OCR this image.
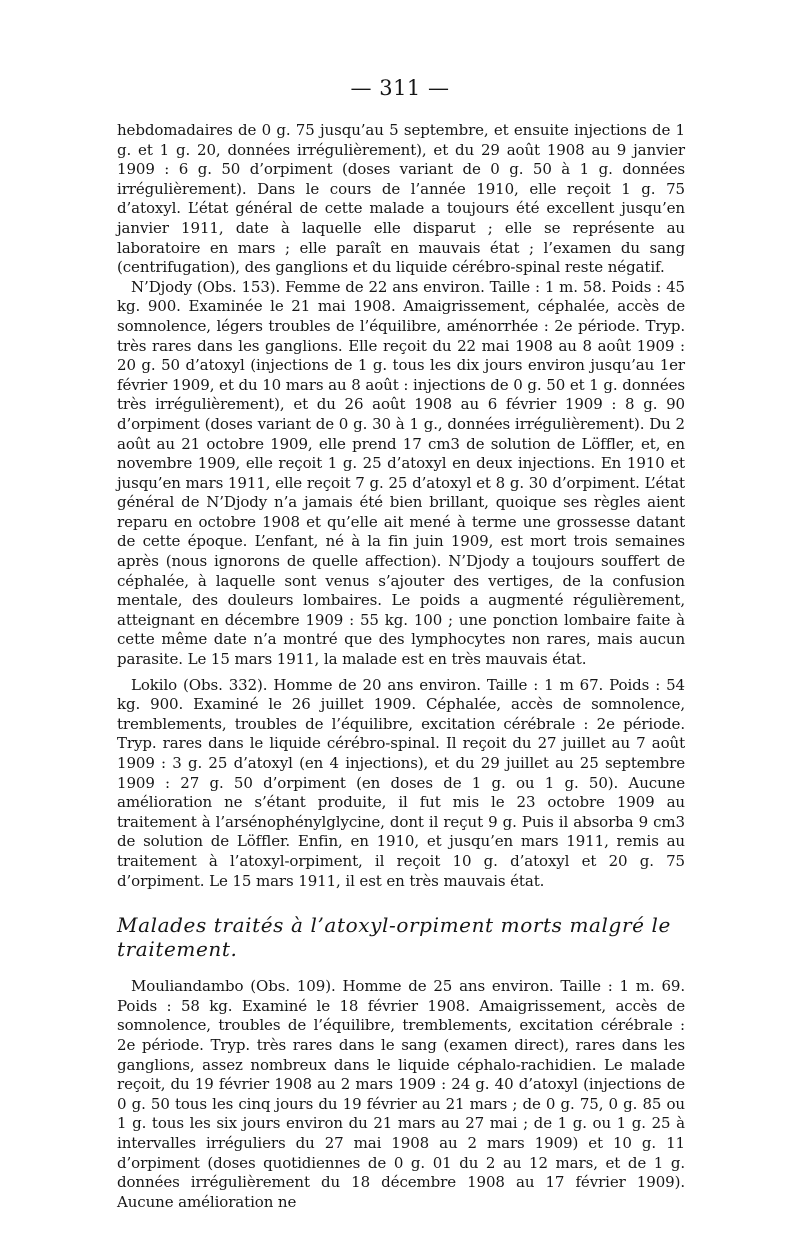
— 311 —

hebdomadaires de 0 g. 75 jusqu’au 5 septembre, et ensuite injections de 1 g. et 1 g. 20, données irrégulièrement), et du 29 août 1908 au 9 janvier 1909 : 6 g. 50 d’orpiment (doses variant de 0 g. 50 à 1 g. données irrégulièrement). Dans le cours de l’année 1910, elle reçoit 1 g. 75 d’atoxyl. L’état général de cette malade a toujours été excellent jusqu’en janvier 1911, date à laquelle elle disparut ; elle se représente au laboratoire en mars ; elle paraît en mauvais état ; l’examen du sang (centrifugation), des ganglions et du liquide cérébro-spinal reste négatif.

N’Djody (Obs. 153). Femme de 22 ans environ. Taille : 1 m. 58. Poids : 45 kg. 900. Examinée le 21 mai 1908. Amaigrissement, céphalée, accès de somnolence, légers troubles de l’équilibre, aménorrhée : 2e période. Tryp. très rares dans les ganglions. Elle reçoit du 22 mai 1908 au 8 août 1909 : 20 g. 50 d’atoxyl (injections de 1 g. tous les dix jours environ jusqu’au 1er février 1909, et du 10 mars au 8 août : injections de 0 g. 50 et 1 g. données très irrégulièrement), et du 26 août 1908 au 6 février 1909 : 8 g. 90 d’orpiment (doses variant de 0 g. 30 à 1 g., données irrégulièrement). Du 2 août au 21 octobre 1909, elle prend 17 cm3 de solution de Löffler, et, en novembre 1909, elle reçoit 1 g. 25 d’atoxyl en deux injections. En 1910 et jusqu’en mars 1911, elle reçoit 7 g. 25 d’atoxyl et 8 g. 30 d’orpiment. L’état général de N’Djody n’a jamais été bien brillant, quoique ses règles aient reparu en octobre 1908 et qu’elle ait mené à terme une grossesse datant de cette époque. L’enfant, né à la fin juin 1909, est mort trois semaines après (nous ignorons de quelle affection). N’Djody a toujours souffert de céphalée, à laquelle sont venus s’ajouter des vertiges, de la confusion mentale, des douleurs lombaires. Le poids a augmenté régulièrement, atteignant en décembre 1909 : 55 kg. 100 ; une ponction lombaire faite à cette même date n’a montré que des lymphocytes non rares, mais aucun parasite. Le 15 mars 1911, la malade est en très mauvais état.

Lokilo (Obs. 332). Homme de 20 ans environ. Taille : 1 m 67. Poids : 54 kg. 900. Examiné le 26 juillet 1909. Céphalée, accès de somnolence, tremblements, troubles de l’équilibre, excitation cérébrale : 2e période. Tryp. rares dans le liquide cérébro-spinal. Il reçoit du 27 juillet au 7 août 1909 : 3 g. 25 d’atoxyl (en 4 injections), et du 29 juillet au 25 septembre 1909 : 27 g. 50 d’orpiment (en doses de 1 g. ou 1 g. 50). Aucune amélioration ne s’étant produite, il fut mis le 23 octobre 1909 au traitement à l’arsénophénylglycine, dont il reçut 9 g. Puis il absorba 9 cm3 de solution de Löffler. Enfin, en 1910, et jusqu’en mars 1911, remis au traitement à l’atoxyl-orpiment, il reçoit 10 g. d’atoxyl et 20 g. 75 d’orpiment. Le 15 mars 1911, il est en très mauvais état.

Malades traités à l’atoxyl-orpiment morts malgré le traitement.

Mouliandambo (Obs. 109). Homme de 25 ans environ. Taille : 1 m. 69. Poids : 58 kg. Examiné le 18 février 1908. Amaigrissement, accès de somnolence, troubles de l’équilibre, tremblements, excitation cérébrale : 2e période. Tryp. très rares dans le sang (examen direct), rares dans les ganglions, assez nombreux dans le liquide céphalo-rachidien. Le malade reçoit, du 19 février 1908 au 2 mars 1909 : 24 g. 40 d’atoxyl (injections de 0 g. 50 tous les cinq jours du 19 février au 21 mars ; de 0 g. 75, 0 g. 85 ou 1 g. tous les six jours environ du 21 mars au 27 mai ; de 1 g. ou 1 g. 25 à intervalles irréguliers du 27 mai 1908 au 2 mars 1909) et 10 g. 11 d’orpiment (doses quotidiennes de 0 g. 01 du 2 au 12 mars, et de 1 g. données irrégulièrement du 18 décembre 1908 au 17 février 1909). Aucune amélioration ne
